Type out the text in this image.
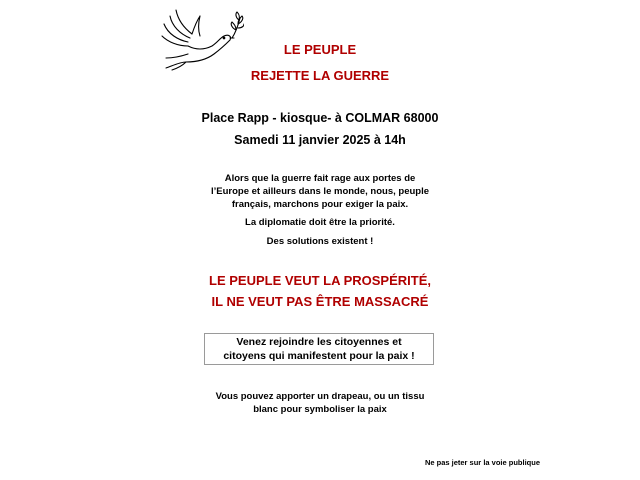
LE PEUPLE
REJETTE LA GUERRE
Place Rapp - kiosque- à COLMAR 68000
Samedi 11 janvier 2025 à 14h
Alors que la guerre fait rage aux portes de
l’Europe et ailleurs dans le monde, nous, peuple
français, marchons pour exiger la paix.
La diplomatie doit être la priorité.
Des solutions existent !
LE PEUPLE VEUT LA PROSPÉRITÉ,
IL NE VEUT PAS ÊTRE MASSACRÉ
Venez rejoindre les citoyennes et
citoyens qui manifestent pour la paix !
Vous pouvez apporter un drapeau, ou un tissu
blanc pour symboliser la paix
Ne pas jeter sur la voie publique
